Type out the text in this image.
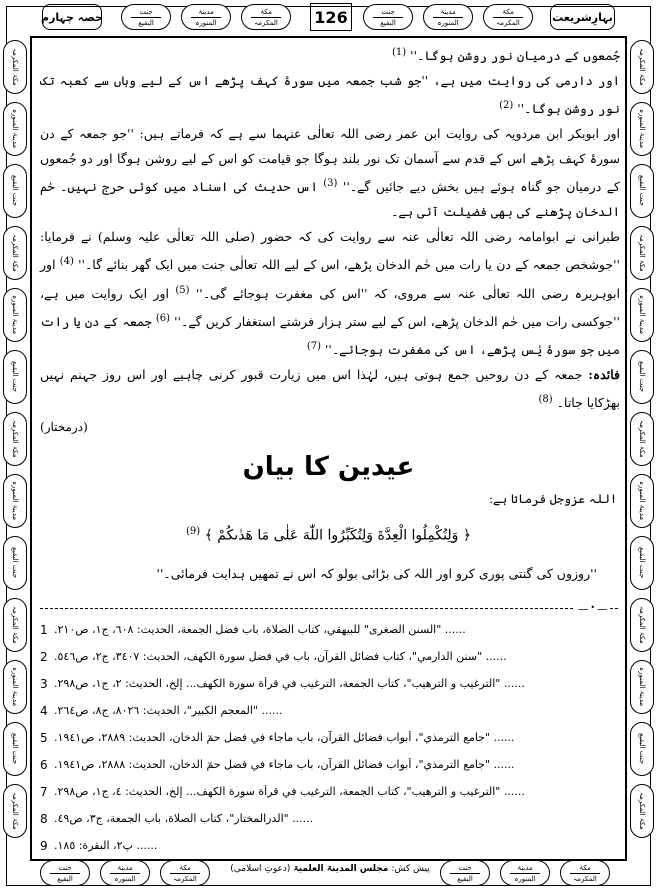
حصہ چہارم	جنت
البقیع
مدینۃ
المنورہ
مکۃ
المکرمہ 126	جنت
البقیع
مدینۃ
المنورہ
مکۃ
المکرمہ	بہارِشریعت
مکۃ المکرمہ
مدینۃ المنورہ
جنت البقیع
مکۃ المکرمہ
مدینۃ المنورہ
جنت البقیع
مکۃ المکرمہ
مدینۃ المنورہ
جنت البقیع
مکۃ المکرمہ
مدینۃ المنورہ
جنت البقیع
مکۃ المکرمہ
مکۃ المکرمہ
مدینۃ المنورہ
جنت البقیع
مکۃ المکرمہ
مدینۃ المنورہ
جنت البقیع
مکۃ المکرمہ
مدینۃ المنورہ
جنت البقیع
مکۃ المکرمہ
مدینۃ المنورہ
جنت البقیع
مکۃ المکرمہ

جُمعوں کے درمیان نور روشن ہوگا۔'' $^{(1)}$

اور دارمی کی روایت میں ہے، ''جو شب جمعہ میں سورۂ کہف پڑھے اس کے لیے وہاں سے کعبہ تک نور روشن ہوگا۔'' $^{(2)}$

اور ابوبکر ابن مردویہ کی روایت ابن عمر رضی اللہ تعالٰی عنہما سے ہے کہ فرماتے ہیں: ''جو جمعہ کے دن سورۂ کہف پڑھے اس کے قدم سے آسمان تک نور بلند ہوگا جو قیامت کو اس کے لیے روشن ہوگا اور دو جُمعوں کے درمیان جو گناہ ہوئے ہیں بخش دیے جائیں گے۔'' $^{(3)}$ اس حدیث کی اسناد میں کوئی حرج نہیں۔ حٰم الدخان پڑھنے کی بھی فضیلت آئی ہے۔

طبرانی نے ابوامامہ رضی اللہ تعالٰی عنہ سے روایت کی کہ حضور (صلی اللہ تعالٰی علیہ وسلم) نے فرمایا: ''جوشخص جمعہ کے دن یا رات میں حٰم الدخان پڑھے، اس کے لیے اللہ تعالٰی جنت میں ایک گھر بنائے گا۔'' $^{(4)}$ اور ابوہریرہ رضی اللہ تعالٰی عنہ سے مروی، کہ ''اس کی مغفرت ہوجائے گی۔'' $^{(5)}$ اور ایک روایت میں ہے، ''جوکسی رات میں حٰم الدخان پڑھے، اس کے لیے ستر ہزار فرشتے استغفار کریں گے۔'' $^{(6)}$ جمعہ کے دن یا رات میں جو سورۂ یٰس پڑھے، اس کی مغفرت ہوجائے۔'' $^{(7)}$

فائدہ: جمعہ کے دن روحیں جمع ہوتی ہیں، لہٰذا اس میں زیارت قبور کرنی چاہیے اور اس روز جہنم نہیں بھڑکایا جاتا۔ $^{(8)}$

(درمختار)

عیدین کا بیان
اللہ عزوجل فرماتا ہے:
﴿ وَلِتُكْمِلُوا الْعِدَّةَ وَلِتُكَبِّرُوا اللّٰهَ عَلٰى مَا هَدٰىكُمْ ﴾ $^{(9)}$
''روزوں کی گنتی پوری کرو اور اللہ کی بڑائی بولو کہ اس نے تمھیں ہدایت فرمائی۔''
ــــ • ــــ
1 ...... "السنن الصغرى" للبيهقي، كتاب الصلاة، باب فضل الجمعة، الحديث: ٦٠٨، ج١، ص٢١٠.
2 ...... "سنن الدارمي"، كتاب فضائل القرآن، باب في فضل سورة الكهف، الحديث: ٣٤٠٧، ج٢، ص٥٤٦.
3 ...... "الترغيب و الترهيب"، كتاب الجمعة، الترغيب في قرأة سورة الكهف... إلخ، الحديث: ٢، ج١، ص٢٩٨.
4 ...... "المعجم الكبير"، الحديث: ٨٠٢٦، ج٨، ص٢٦٤.
5 ...... "جامع الترمذي"، أبواب فضائل القرآن، باب ماجاء في فضل حمٓ الدخان، الحديث: ٢٨٨٩، ص١٩٤١.
6 ...... "جامع الترمذي"، أبواب فضائل القرآن، باب ماجاء في فضل حمٓ الدخان، الحديث: ٢٨٨٨، ص١٩٤١.
7 ...... "الترغيب و الترهيب"، كتاب الجمعة، الترغيب في قرأة سورة الكهف... إلخ، الحديث: ٤، ج١، ص٢٩٨.
8 ...... "الدرالمختار"، كتاب الصلاة، باب الجمعة، ج٣، ص٤٩.
9 ...... پ٢، البقرة: ١٨٥.
جنت
البقیع
مدینۃ
المنورہ
مکۃ
المکرمہ
پیش کش:
مجلس المدینۃ العلمیۃ
(دعوتِ اسلامی)	جنت
البقیع
مدینۃ
المنورہ
مکۃ
المکرمہ
